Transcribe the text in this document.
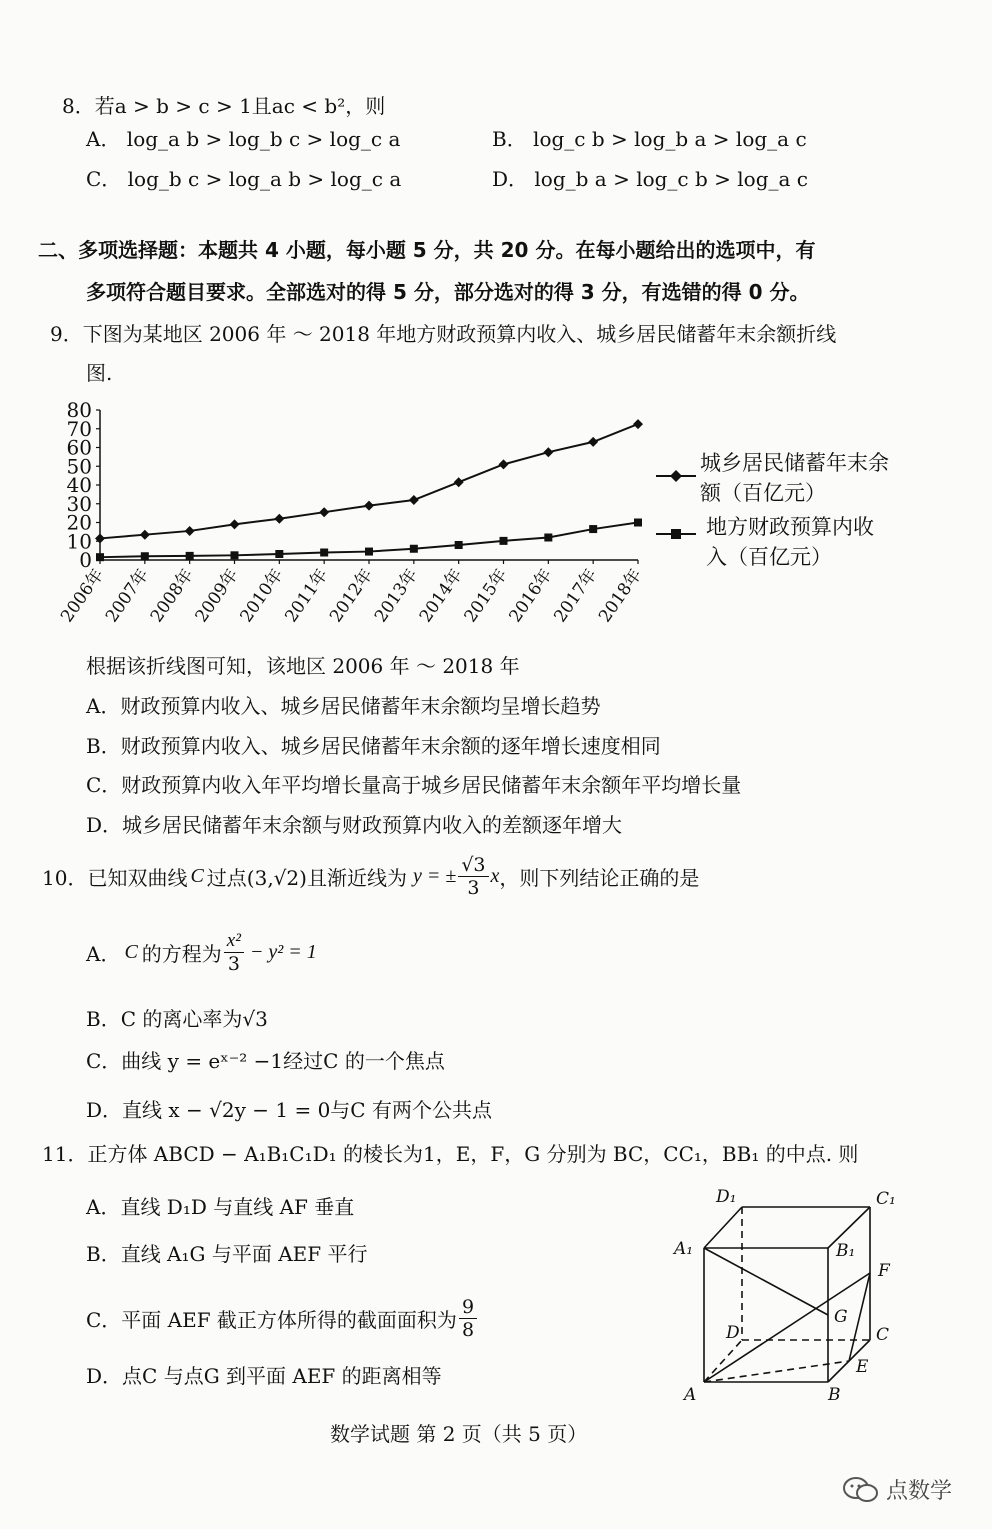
8．若a > b > c > 1且ac < b²，则
A． log_a b > log_b c > log_c a	B． log_c b > log_b a > log_a c
C． log_b c > log_a b > log_c a	D． log_b a > log_c b > log_a c
二、多项选择题：本题共 4 小题，每小题 5 分，共 20 分。在每小题给出的选项中，有
多项符合题目要求。全部选对的得 5 分，部分选对的得 3 分，有选错的得 0 分。
9．下图为某地区 2006 年 ～ 2018 年地方财政预算内收入、城乡居民储蓄年末余额折线
图.
0
10
20
30
40
50
60
70
80
2006年
2007年
2008年
2009年
2010年
2011年
2012年
2013年
2014年
2015年
2016年
2017年
2018年
城乡居民储蓄年末余额（百亿元）
地方财政预算内收入（百亿元）
根据该折线图可知，该地区 2006 年 ～ 2018 年
A．财政预算内收入、城乡居民储蓄年末余额均呈增长趋势
B．财政预算内收入、城乡居民储蓄年末余额的逐年增长速度相同
C．财政预算内收入年平均增长量高于城乡居民储蓄年末余额年平均增长量
D．城乡居民储蓄年末余额与财政预算内收入的差额逐年增大
10．已知双曲线 C 过点(3,√2)且渐近线为 y = ± $\frac{√3}{3}$ x ，则下列结论正确的是
A． C 的方程为 $\frac{\text{x²}}{3} - y^2 = 1$
B．C 的离心率为√3
C．曲线 y = eˣ⁻² −1经过C 的一个焦点
D．直线 x − √2y − 1 = 0与C 有两个公共点
11．正方体 ABCD − A₁B₁C₁D₁ 的棱长为1，E，F，G 分别为 BC，CC₁，BB₁ 的中点. 则
A．直线 D₁D 与直线 AF 垂直
B．直线 A₁G 与平面 AEF 平行
C．平面 AEF 截正方体所得的截面面积为 $\frac{9}{8}$
D．点C 与点G 到平面 AEF 的距离相等
D₁	C₁
A₁	B₁
F
G
D	C
E
A	B
数学试题 第 2 页（共 5 页）
点数学
